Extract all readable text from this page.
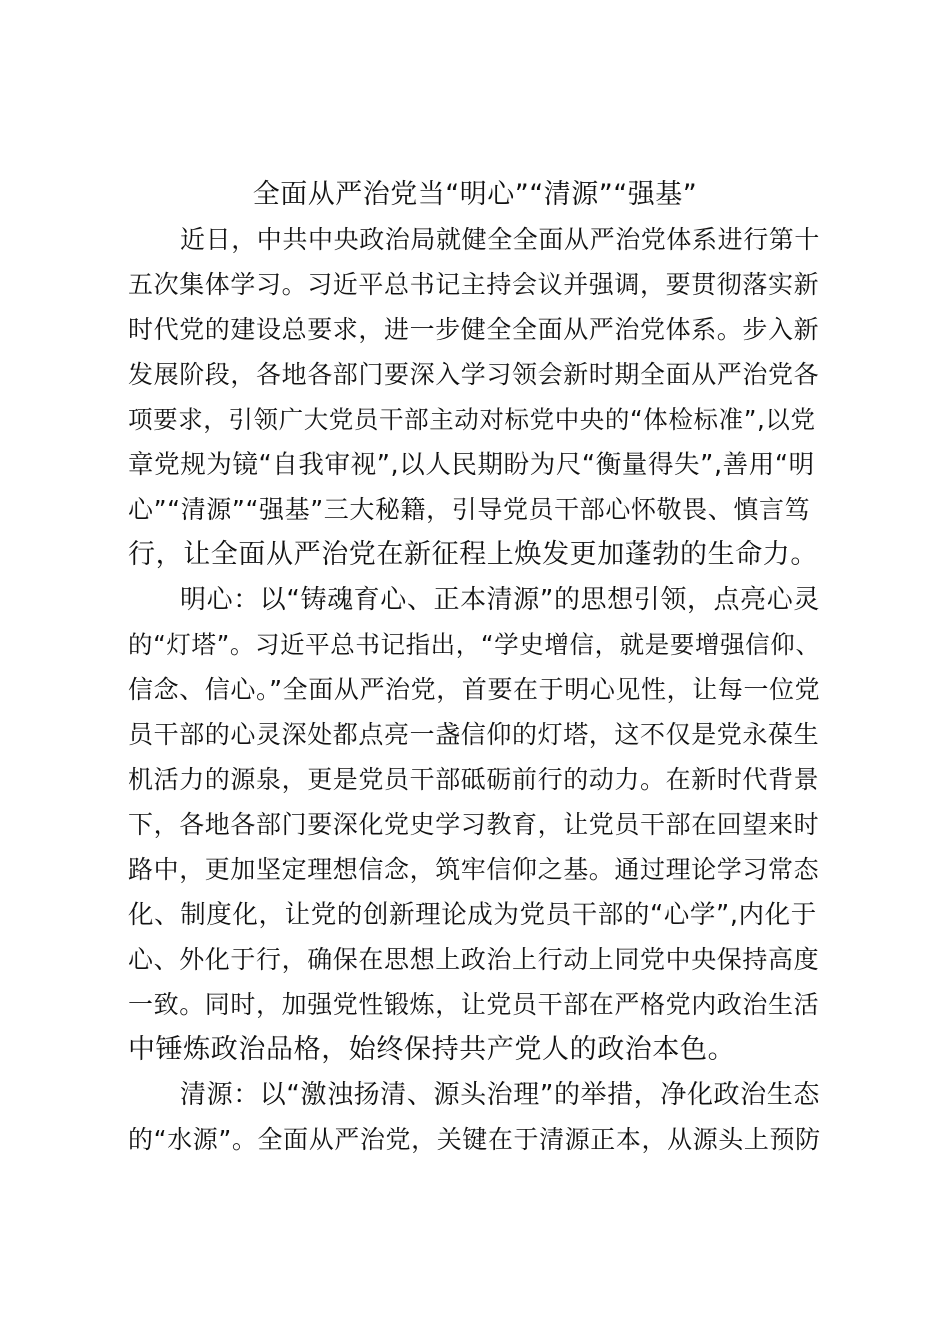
全面从严治党当“明心”“清源”“强基”
近日，中共中央政治局就健全全面从严治党体系进行第十
五次集体学习。习近平总书记主持会议并强调，要贯彻落实新
时代党的建设总要求，进一步健全全面从严治党体系。步入新
发展阶段，各地各部门要深入学习领会新时期全面从严治党各
项要求，引领广大党员干部主动对标党中央的“体检标准”,以党
章党规为镜“自我审视”,以人民期盼为尺“衡量得失”,善用“明
心”“清源”“强基”三大秘籍，引导党员干部心怀敬畏、慎言笃
行，让全面从严治党在新征程上焕发更加蓬勃的生命力。
明心：以“铸魂育心、正本清源”的思想引领，点亮心灵
的“灯塔”。习近平总书记指出，“学史增信，就是要增强信仰、
信念、信心。”全面从严治党，首要在于明心见性，让每一位党
员干部的心灵深处都点亮一盏信仰的灯塔，这不仅是党永葆生
机活力的源泉，更是党员干部砥砺前行的动力。在新时代背景
下，各地各部门要深化党史学习教育，让党员干部在回望来时
路中，更加坚定理想信念，筑牢信仰之基。通过理论学习常态
化、制度化，让党的创新理论成为党员干部的“心学”,内化于
心、外化于行，确保在思想上政治上行动上同党中央保持高度
一致。同时，加强党性锻炼，让党员干部在严格党内政治生活
中锤炼政治品格，始终保持共产党人的政治本色。
清源：以“激浊扬清、源头治理”的举措，净化政治生态
的“水源”。全面从严治党，关键在于清源正本，从源头上预防
